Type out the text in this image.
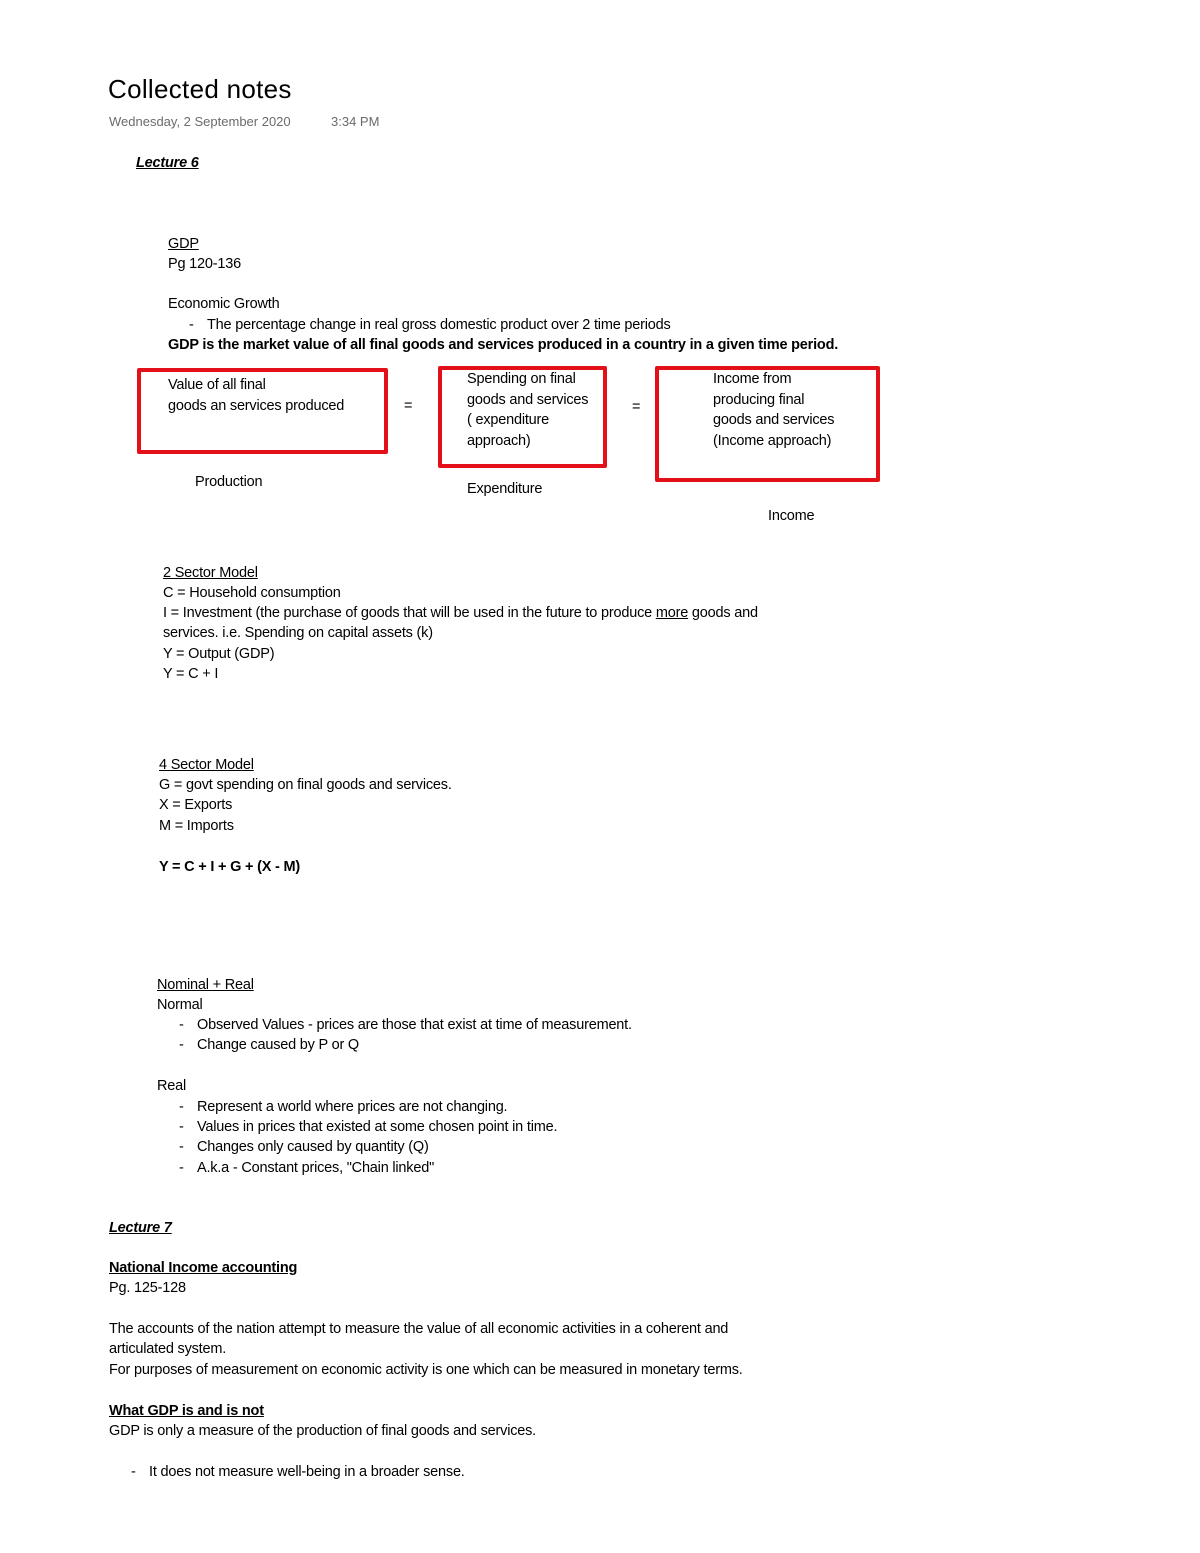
Collected notes
Wednesday, 2 September 2020	3:34 PM
Lecture 6
GDP
Pg 120-136
Economic Growth
- The percentage change in real gross domestic product over 2 time periods
GDP is the market value of all final goods and services produced in a country in a given time period.
Value of all final
goods an services produced	=
Spending on final
goods and services
( expenditure
approach)
=
Income from
producing final
goods and services
(Income approach)
Production	Expenditure
Income
2 Sector Model
C = Household consumption
I = Investment (the purchase of goods that will be used in the future to produce more goods and
services. i.e. Spending on capital assets (k)
Y = Output (GDP)
Y = C + I
4 Sector Model
G = govt spending on final goods and services.
X = Exports
M = Imports
Y = C + I + G + (X - M)
Nominal + Real
Normal
- Observed Values - prices are those that exist at time of measurement.
- Change caused by P or Q
Real
- Represent a world where prices are not changing.
- Values in prices that existed at some chosen point in time.
- Changes only caused by quantity (Q)
- A.k.a - Constant prices, "Chain linked"
Lecture 7
National Income accounting
Pg. 125-128
The accounts of the nation attempt to measure the value of all economic activities in a coherent and
articulated system.
For purposes of measurement on economic activity is one which can be measured in monetary terms.
What GDP is and is not
GDP is only a measure of the production of final goods and services.
- It does not measure well-being in a broader sense.
